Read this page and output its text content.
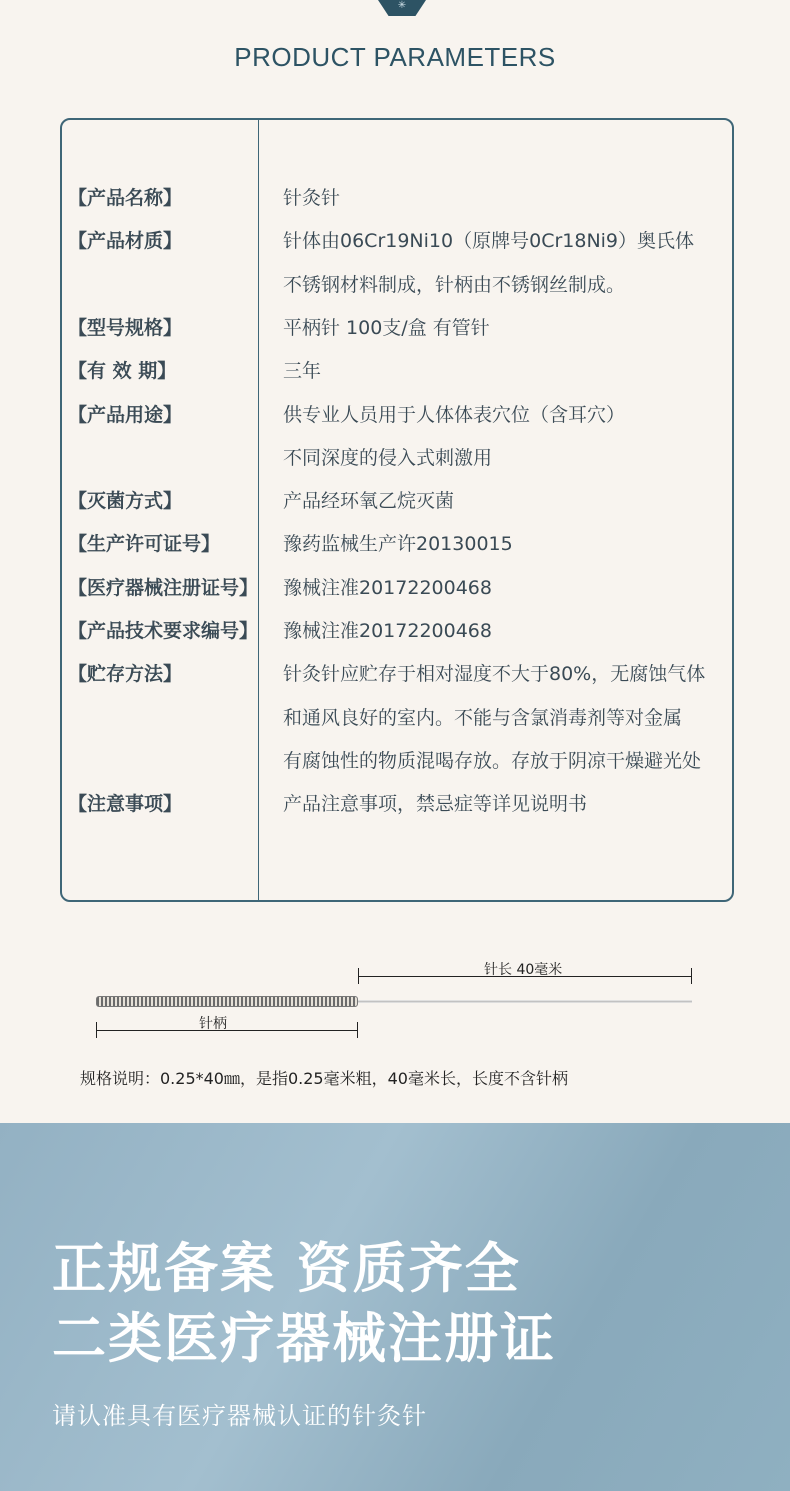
✳
PRODUCT PARAMETERS
【产品名称】	针灸针
【产品材质】	针体由06Cr19Ni10（原牌号0Cr18Ni9）奥氏体
不锈钢材料制成，针柄由不锈钢丝制成。
【型号规格】	平柄针 100支/盒 有管针
【有 效 期】	三年
【产品用途】	供专业人员用于人体体表穴位（含耳穴）
不同深度的侵入式刺激用
【灭菌方式】	产品经环氧乙烷灭菌
【生产许可证号】	豫药监械生产许20130015
【医疗器械注册证号】 豫械注准20172200468
【产品技术要求编号】 豫械注准20172200468
【贮存方法】	针灸针应贮存于相对湿度不大于80%，无腐蚀气体
和通风良好的室内。不能与含氯消毒剂等对金属
有腐蚀性的物质混喝存放。存放于阴凉干燥避光处
【注意事项】	产品注意事项，禁忌症等详见说明书
针长 40毫米
针柄
规格说明：0.25*40㎜，是指0.25毫米粗，40毫米长，长度不含针柄
正规备案 资质齐全
二类医疗器械注册证
请认准具有医疗器械认证的针灸针
